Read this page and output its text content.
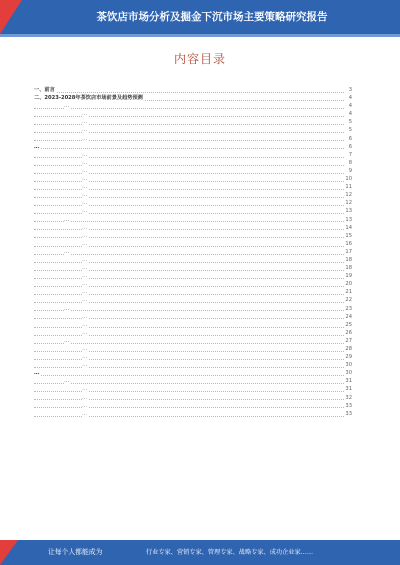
茶饮店市场分析及掘金下沉市场主要策略研究报告
内容目录
一、前言	3
二、2023-2028年茶饮店市场前景及趋势预测	4
…	4
…	4
…	5
…	5
…	6
…	6
…	7
…	8
…	9
…	10
…	11
…	12
…	12
…	13
…	13
…	14
…	15
…	16
…	17
…	18
…	18
…	19
…	20
…	21
…	22
…	23
…	24
…	25
…	26
…	27
…	28
…	29
…	30
…	30
…	31
…	31
…	32
…	33
…	33
让每个人都能成为	行业专家、营销专家、管理专家、战略专家、成功企业家……
